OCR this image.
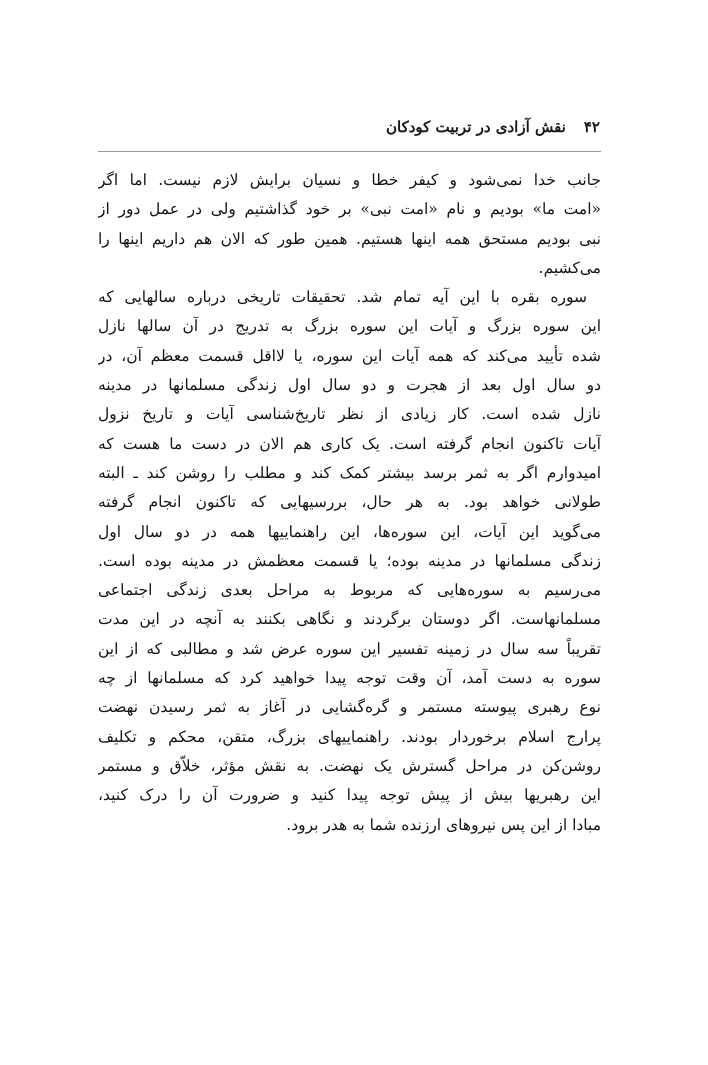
۴۲نقش آزادی در تربیت کودکان
جانب خدا نمی‌شود و کیفر خطا و نسیان برایش لازم نیست. اما اگر
«امت ما» بودیم و نام «امت نبی» بر خود گذاشتیم ولی در عمل دور از
نبی بودیم مستحق همه اینها هستیم. همین طور که الان هم داریم اینها را
می‌کشیم.
سوره بقره با این آیه تمام شد. تحقیقات تاریخی درباره سالهایی که
این سوره بزرگ و آیات این سوره بزرگ به تدریج در آن سالها نازل
شده تأیید می‌کند که همه آیات این سوره، یا لااقل قسمت معظم آن، در
دو سال اول بعد از هجرت و دو سال اول زندگی مسلمانها در مدینه
نازل شده است. کار زیادی از نظر تاریخ‌شناسی آیات و تاریخ نزول
آیات تاکنون انجام گرفته است. یک کاری هم الان در دست ما هست که
امیدوارم اگر به ثمر برسد بیشتر کمک کند و مطلب را روشن کند ـ البته
طولانی خواهد بود. به هر حال، بررسیهایی که تاکنون انجام گرفته
می‌گوید این آیات، این سوره‌ها، این راهنماییها همه در دو سال اول
زندگی مسلمانها در مدینه بوده؛ یا قسمت معظمش در مدینه بوده است.
می‌رسیم به سوره‌هایی که مربوط به مراحل بعدی زندگی اجتماعی
مسلمانهاست. اگر دوستان برگردند و نگاهی بکنند به آنچه در این مدت
تقریباً سه سال در زمینه تفسیر این سوره عرض شد و مطالبی که از این
سوره به دست آمد، آن وقت توجه پیدا خواهید کرد که مسلمانها از چه
نوع رهبری پیوسته مستمر و گره‌گشایی در آغاز به ثمر رسیدن نهضت
پرارج اسلام برخوردار بودند. راهنماییهای بزرگ، متقن، محکم و تکلیف
روشن‌کن در مراحل گسترش یک نهضت. به نقش مؤثر، خلاّق و مستمر
این رهبریها بیش از پیش توجه پیدا کنید و ضرورت آن را درک کنید،
مبادا از این پس نیروهای ارزنده شما به هدر برود.
